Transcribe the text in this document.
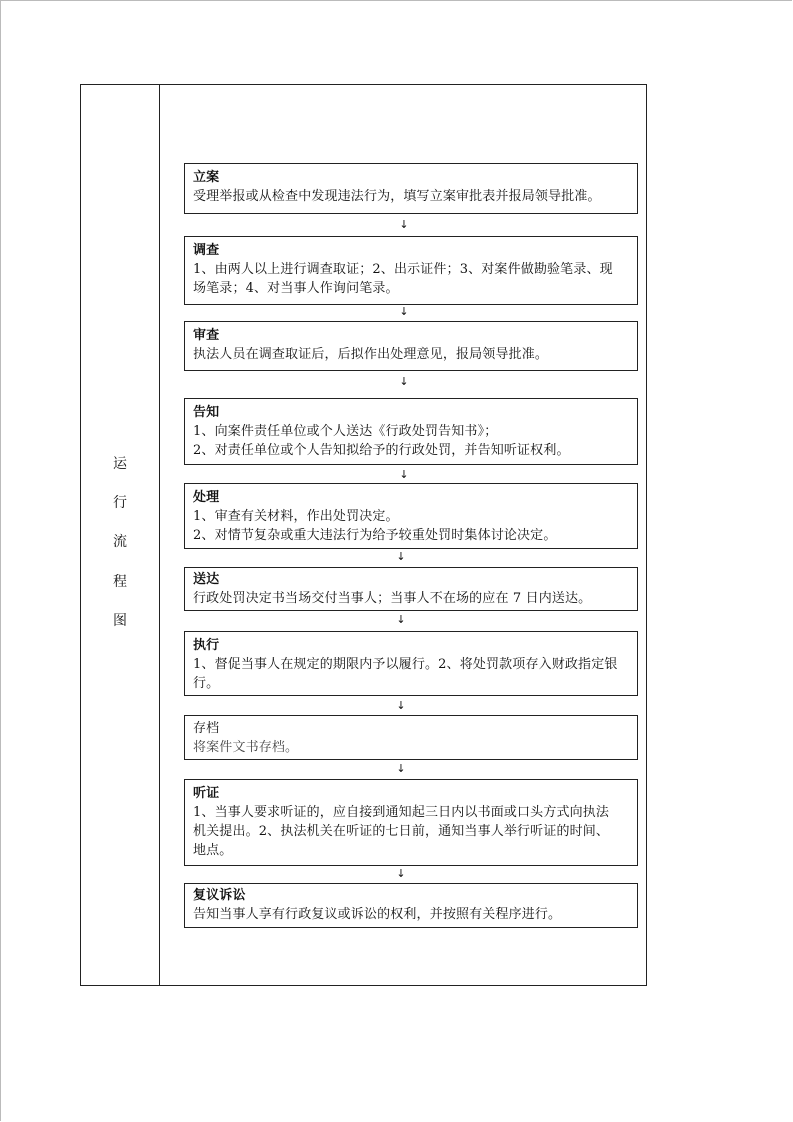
运
行
流
程
图
立案
受理举报或从检查中发现违法行为，填写立案审批表并报局领导批准。
↓
调查
1、由两人以上进行调查取证；2、出示证件；3、对案件做勘验笔录、现
场笔录；4、对当事人作询问笔录。
↓
审查
执法人员在调查取证后，后拟作出处理意见，报局领导批准。
↓
告知
1、向案件责任单位或个人送达《行政处罚告知书》；
2、对责任单位或个人告知拟给予的行政处罚，并告知听证权利。
↓
处理
1、审查有关材料，作出处罚决定。
2、对情节复杂或重大违法行为给予较重处罚时集体讨论决定。
↓
送达
行政处罚决定书当场交付当事人；当事人不在场的应在 7 日内送达。
↓
执行
1、督促当事人在规定的期限内予以履行。2、将处罚款项存入财政指定银
行。
↓
存档
将案件文书存档。
↓
听证
1、当事人要求听证的，应自接到通知起三日内以书面或口头方式向执法
机关提出。2、执法机关在听证的七日前，通知当事人举行听证的时间、
地点。
↓
复议诉讼
告知当事人享有行政复议或诉讼的权利，并按照有关程序进行。
